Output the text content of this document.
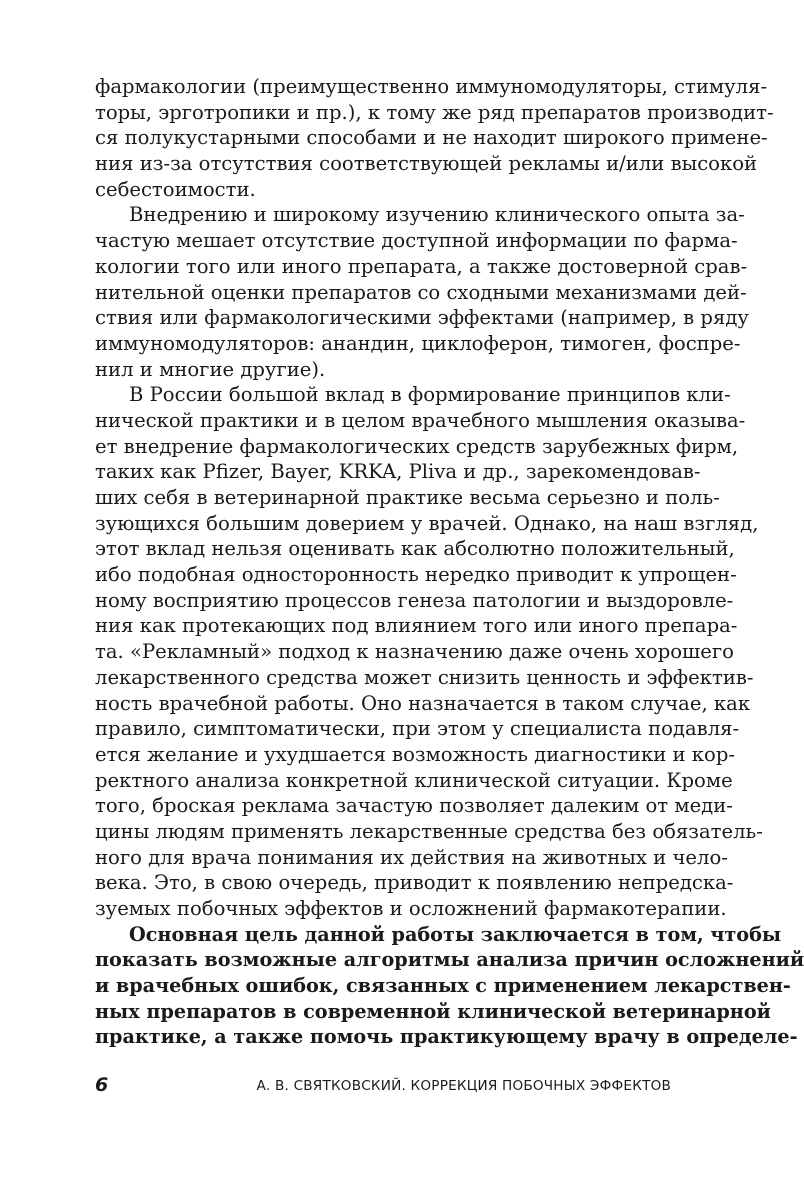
фармакологии (преимущественно иммуномодуляторы, стимуля-
торы, эрготропики и пр.), к тому же ряд препаратов производит-
ся полукустарными способами и не находит широкого примене-
ния из-за отсутствия соответствующей рекламы и/или высокой
себестоимости.
Внедрению и широкому изучению клинического опыта за-
частую мешает отсутствие доступной информации по фарма-
кологии того или иного препарата, а также достоверной срав-
нительной оценки препаратов со сходными механизмами дей-
ствия или фармакологическими эффектами (например, в ряду
иммуномодуляторов: анандин, циклоферон, тимоген, фоспре-
нил и многие другие).
В России большой вклад в формирование принципов кли-
нической практики и в целом врачебного мышления оказыва-
ет внедрение фармакологических средств зарубежных фирм,
таких как Pfizer, Bayer, KRKA, Pliva и др., зарекомендовав-
ших себя в ветеринарной практике весьма серьезно и поль-
зующихся большим доверием у врачей. Однако, на наш взгляд,
этот вклад нельзя оценивать как абсолютно положительный,
ибо подобная односторонность нередко приводит к упрощен-
ному восприятию процессов генеза патологии и выздоровле-
ния как протекающих под влиянием того или иного препара-
та. «Рекламный» подход к назначению даже очень хорошего
лекарственного средства может снизить ценность и эффектив-
ность врачебной работы. Оно назначается в таком случае, как
правило, симптоматически, при этом у специалиста подавля-
ется желание и ухудшается возможность диагностики и кор-
ректного анализа конкретной клинической ситуации. Кроме
того, броская реклама зачастую позволяет далеким от меди-
цины людям применять лекарственные средства без обязатель-
ного для врача понимания их действия на животных и чело-
века. Это, в свою очередь, приводит к появлению непредска-
зуемых побочных эффектов и осложнений фармакотерапии.
Основная цель данной работы заключается в том, чтобы
показать возможные алгоритмы анализа причин осложнений
и врачебных ошибок, связанных с применением лекарствен-
ных препаратов в современной клинической ветеринарной
практике, а также помочь практикующему врачу в определе-
6	А. В. СВЯТКОВСКИЙ. КОРРЕКЦИЯ ПОБОЧНЫХ ЭФФЕКТОВ
